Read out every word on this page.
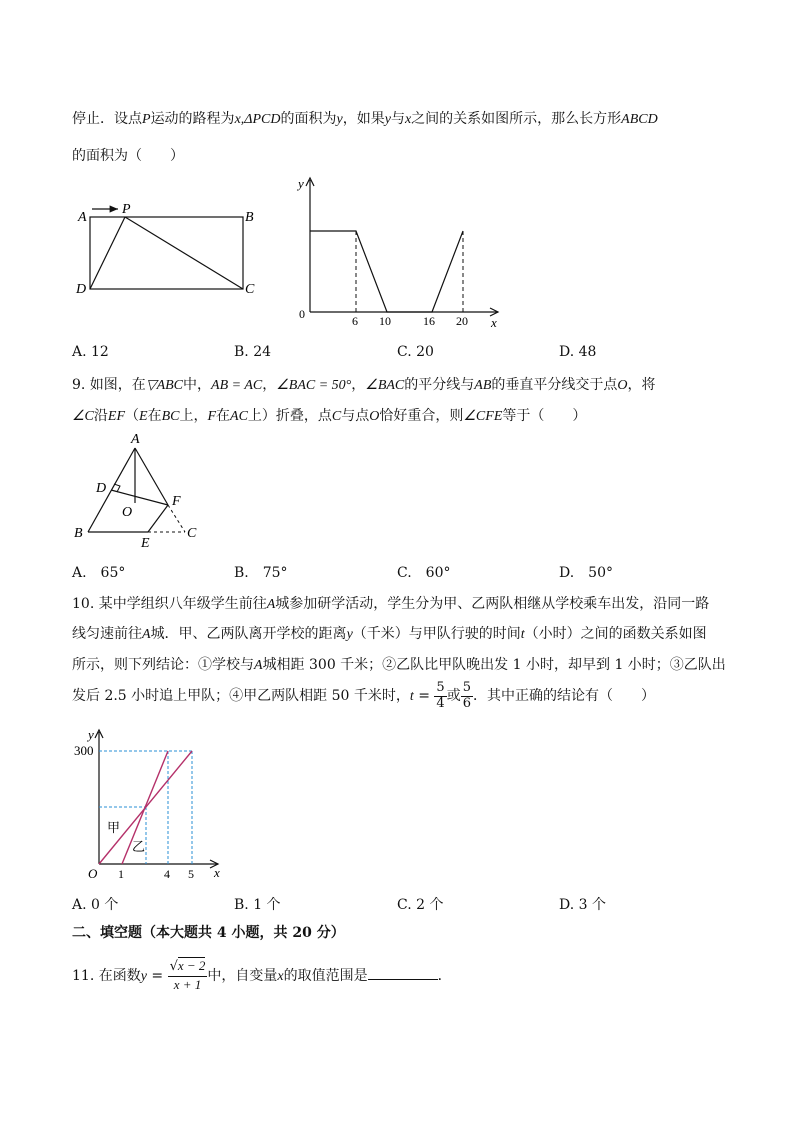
停止．设点P运动的路程为x,ΔPCD的面积为y，如果y与x之间的关系如图所示，那么长方形ABCD
的面积为（　　）
A
P
B
D	C
y
x
0	6 10	16 20
A. 12	B. 24	C. 20	D. 48
9. 如图，在▽ABC中，AB = AC，∠BAC = 50°，∠BAC的平分线与AB的垂直平分线交于点O，将
∠C沿EF（E在BC上，F在AC上）折叠，点C与点O恰好重合，则∠CFE等于（　　）
A
D
O
F
B
E
C
A.　65°	B.　75°	C.　60°	D.　50°
10. 某中学组织八年级学生前往A城参加研学活动，学生分为甲、乙两队相继从学校乘车出发，沿同一路
线匀速前往A城．甲、乙两队离开学校的距离y（千米）与甲队行驶的时间t（小时）之间的函数关系如图
所示，则下列结论：①学校与A城相距 300 千米；②乙队比甲队晚出发 1 小时，却早到 1 小时；③乙队出
发后 2.5 小时追上甲队；④甲乙两队相距 50 千米时，$t = \frac{5}{4}$ 或 $\frac{5}{6}$ ．其中正确的结论有（　　）
300
y
x
O 1	4 5
甲
乙
A. 0 个	B. 1 个	C. 2 个	D. 3 个
二、填空题（本大题共 4 小题，共 20 分）
11. 在函数$y = \frac{√x - 2}{x + 1}$ 中，自变量x的取值范围是	．
